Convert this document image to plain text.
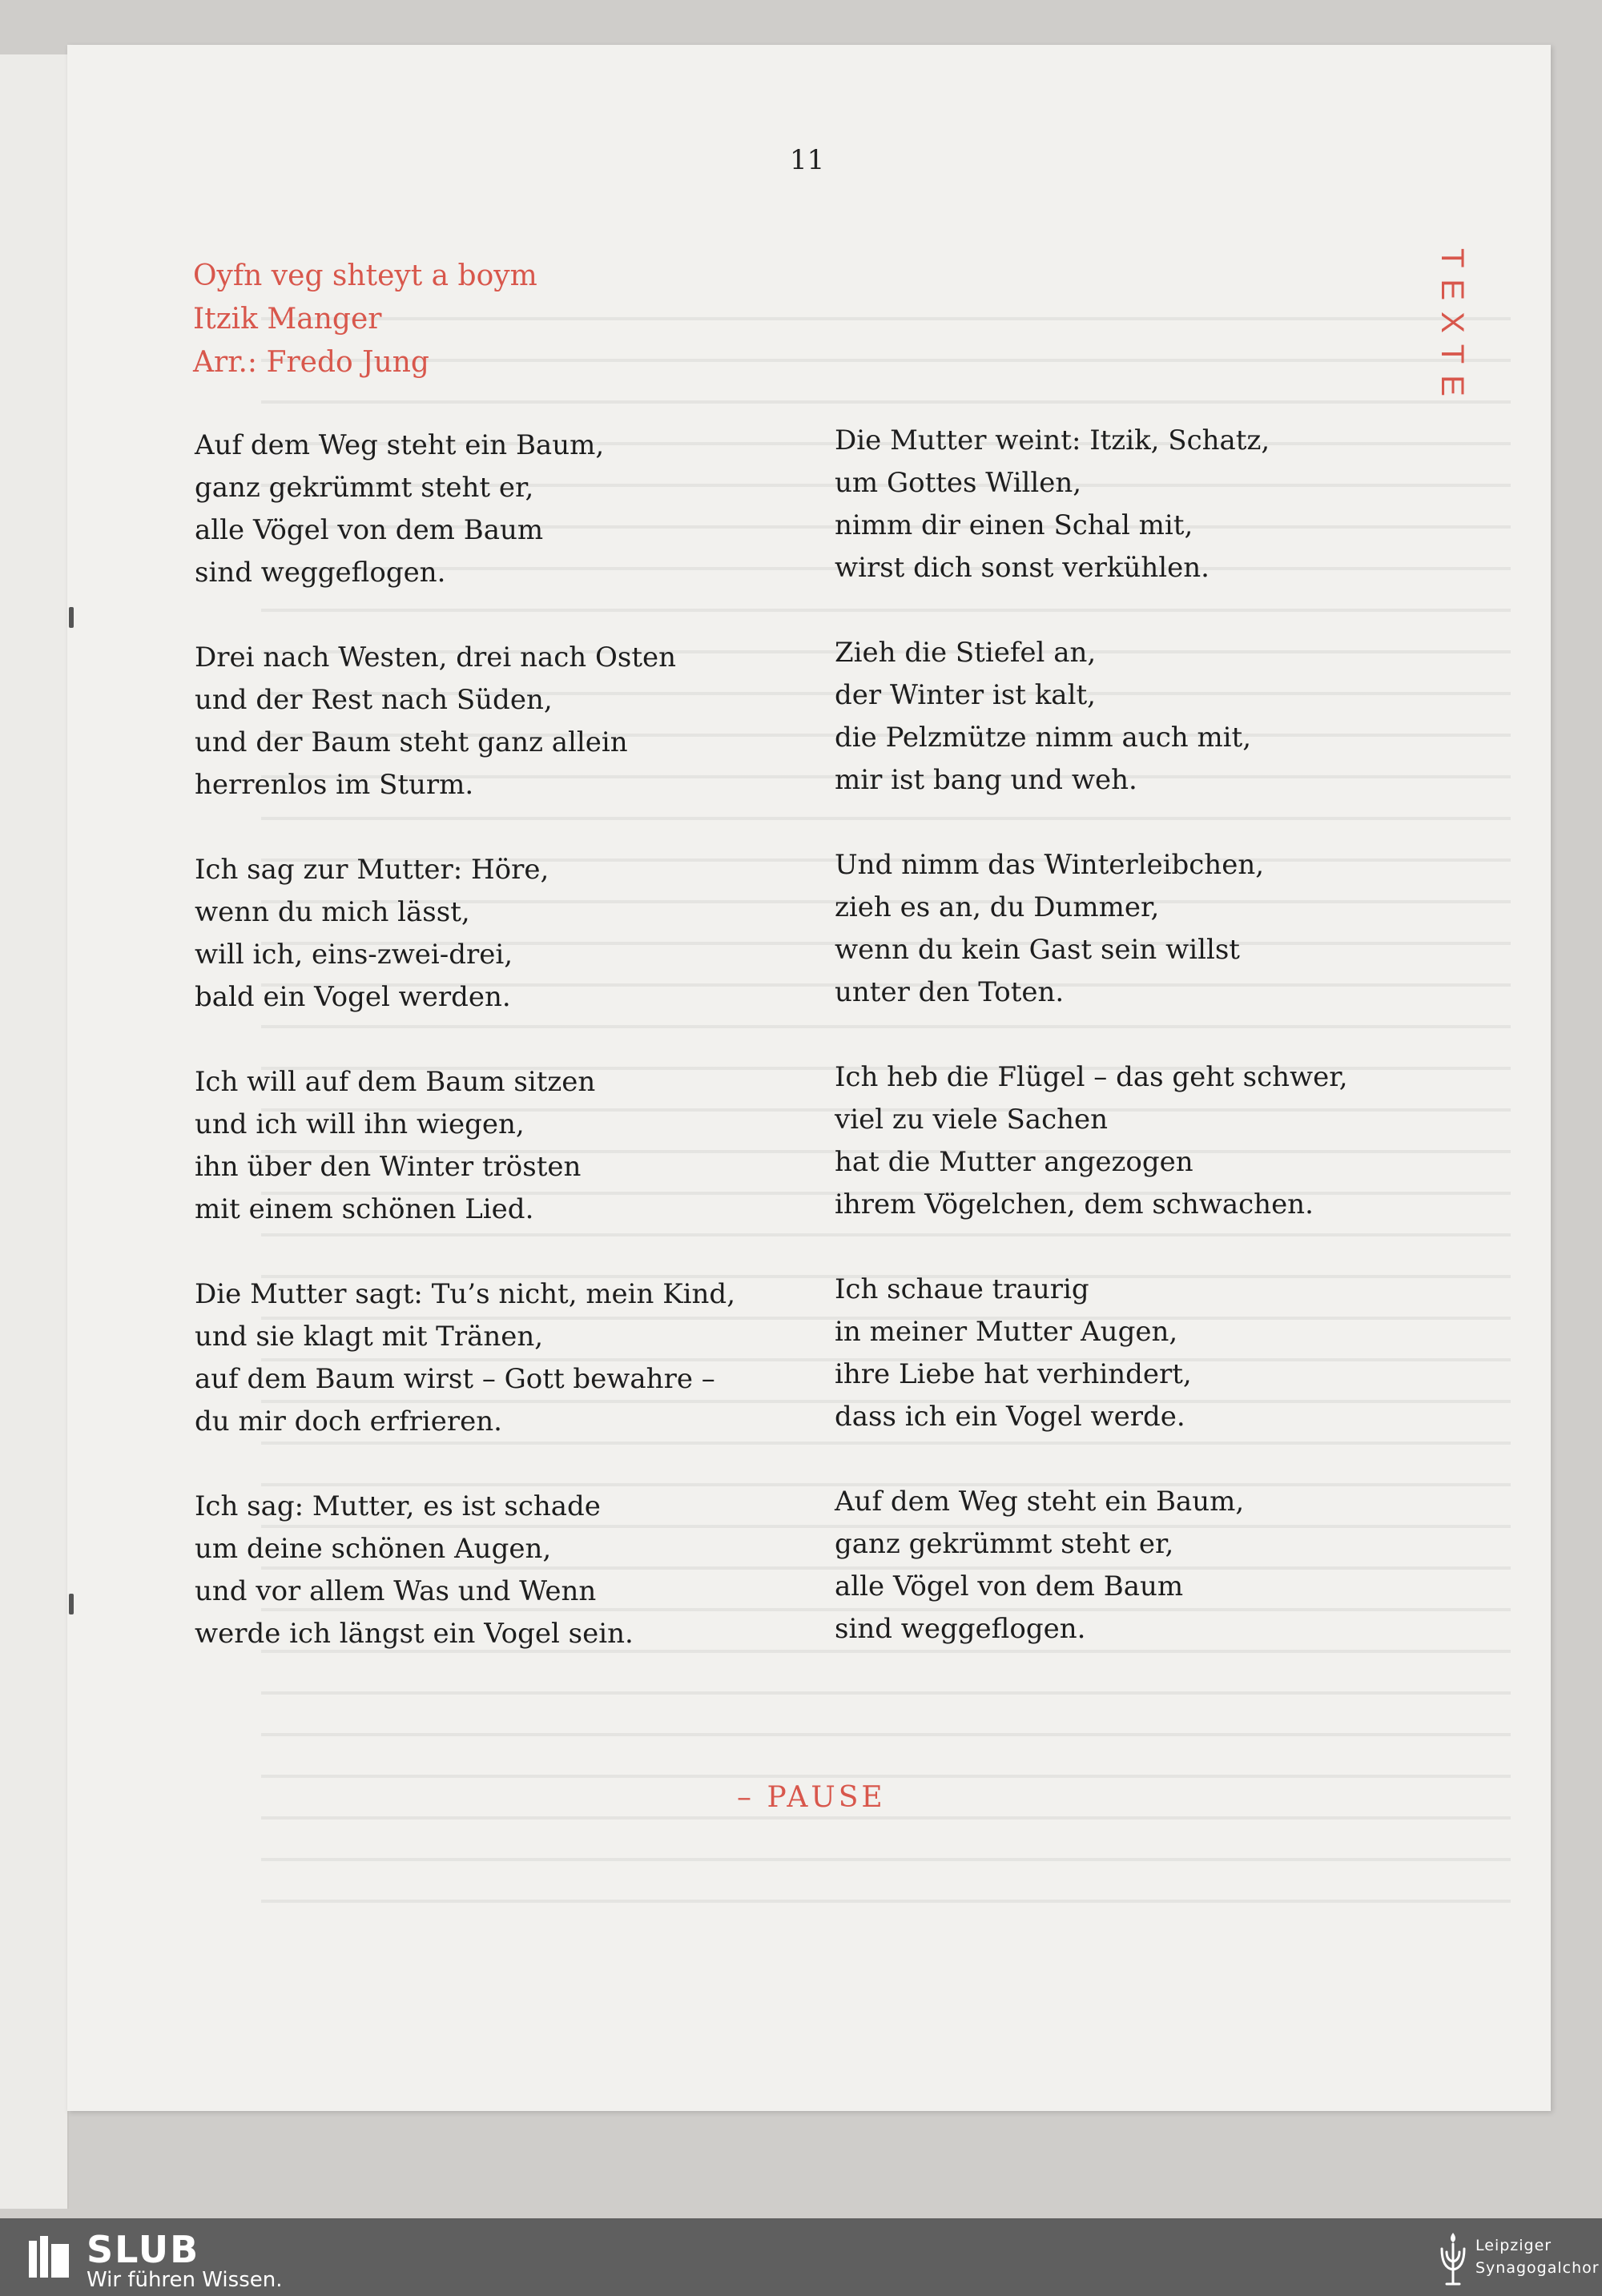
11
TEXTE
Oyfn veg shteyt a boym
Itzik Manger
Arr.: Fredo Jung
Auf dem Weg steht ein Baum,
ganz gekrümmt steht er,
alle Vögel von dem Baum
sind weggeflogen.
Drei nach Westen, drei nach Osten
und der Rest nach Süden,
und der Baum steht ganz allein
herrenlos im Sturm.
Ich sag zur Mutter: Höre,
wenn du mich lässt,
will ich, eins-zwei-drei,
bald ein Vogel werden.
Ich will auf dem Baum sitzen
und ich will ihn wiegen,
ihn über den Winter trösten
mit einem schönen Lied.
Die Mutter sagt: Tu’s nicht, mein Kind,
und sie klagt mit Tränen,
auf dem Baum wirst – Gott bewahre –
du mir doch erfrieren.
Ich sag: Mutter, es ist schade
um deine schönen Augen,
und vor allem Was und Wenn
werde ich längst ein Vogel sein.
Die Mutter weint: Itzik, Schatz,
um Gottes Willen,
nimm dir einen Schal mit,
wirst dich sonst verkühlen.
Zieh die Stiefel an,
der Winter ist kalt,
die Pelzmütze nimm auch mit,
mir ist bang und weh.
Und nimm das Winterleibchen,
zieh es an, du Dummer,
wenn du kein Gast sein willst
unter den Toten.
Ich heb die Flügel – das geht schwer,
viel zu viele Sachen
hat die Mutter angezogen
ihrem Vögelchen, dem schwachen.
Ich schaue traurig
in meiner Mutter Augen,
ihre Liebe hat verhindert,
dass ich ein Vogel werde.
Auf dem Weg steht ein Baum,
ganz gekrümmt steht er,
alle Vögel von dem Baum
sind weggeflogen.
– PAUSE
SLUB
Wir führen Wissen.
Leipziger
Synagogalchor
